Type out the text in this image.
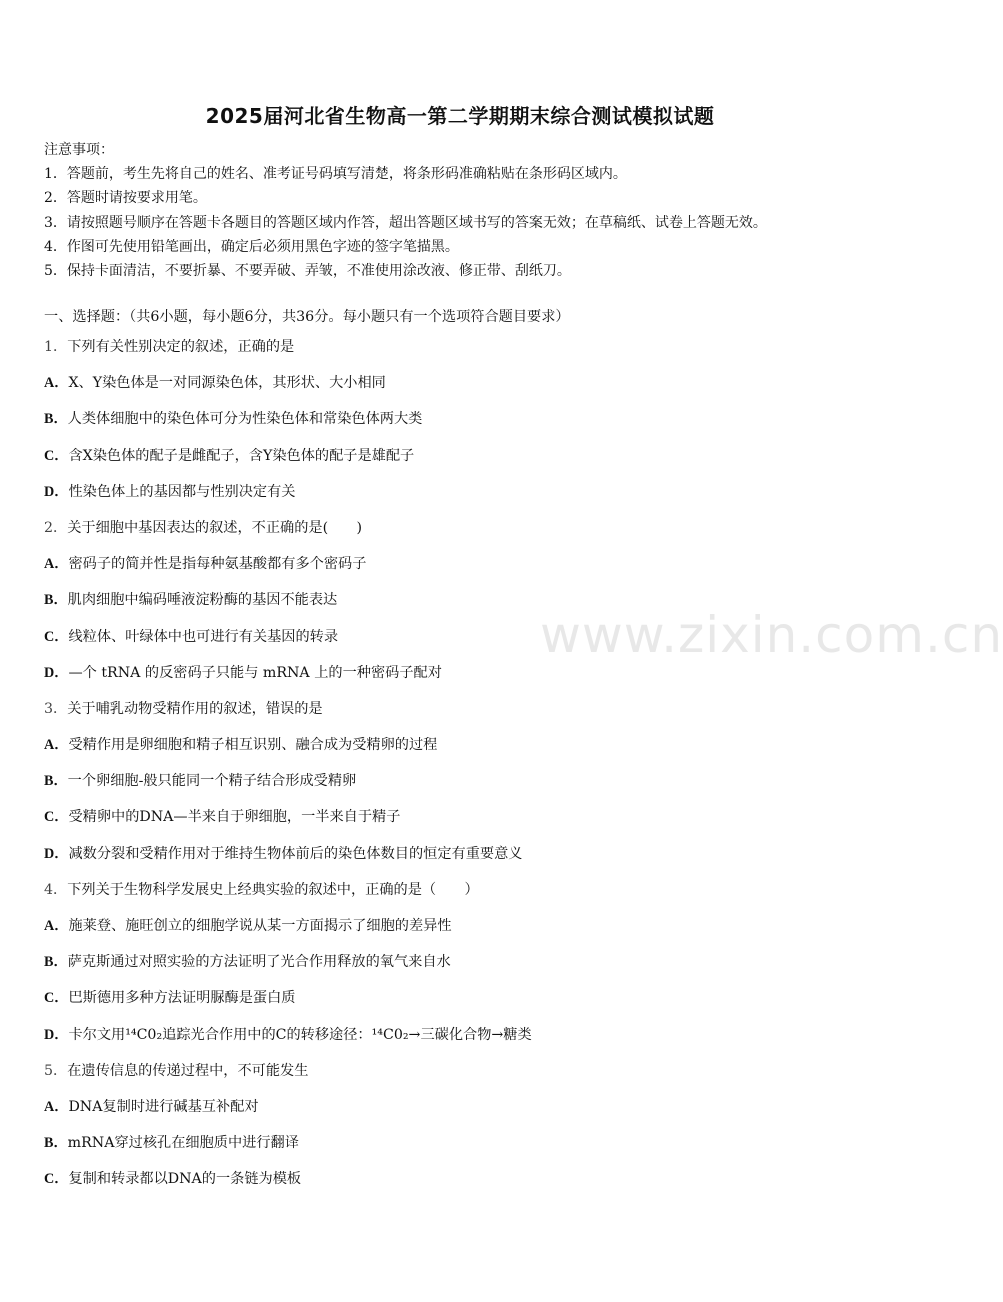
2025届河北省生物高一第二学期期末综合测试模拟试题
注意事项：
1．答题前，考生先将自己的姓名、准考证号码填写清楚，将条形码准确粘贴在条形码区域内。
2．答题时请按要求用笔。
3．请按照题号顺序在答题卡各题目的答题区域内作答，超出答题区域书写的答案无效；在草稿纸、试卷上答题无效。
4．作图可先使用铅笔画出，确定后必须用黑色字迹的签字笔描黑。
5．保持卡面清洁，不要折暴、不要弄破、弄皱，不准使用涂改液、修正带、刮纸刀。
一、选择题：（共6小题，每小题6分，共36分。每小题只有一个选项符合题目要求）
1．下列有关性别决定的叙述，正确的是
A．X、Y染色体是一对同源染色体，其形状、大小相同
B．人类体细胞中的染色体可分为性染色体和常染色体两大类
C．含X染色体的配子是雌配子，含Y染色体的配子是雄配子
D．性染色体上的基因都与性别决定有关
2．关于细胞中基因表达的叙述，不正确的是(　　)
A．密码子的简并性是指每种氨基酸都有多个密码子
B．肌肉细胞中编码唾液淀粉酶的基因不能表达
C．线粒体、叶绿体中也可进行有关基因的转录
D．—个 tRNA 的反密码子只能与 mRNA 上的一种密码子配对
3．关于哺乳动物受精作用的叙述，错误的是
A．受精作用是卵细胞和精子相互识别、融合成为受精卵的过程
B．一个卵细胞-般只能同一个精子结合形成受精卵
C．受精卵中的DNA—半来自于卵细胞，一半来自于精子
D．减数分裂和受精作用对于维持生物体前后的染色体数目的恒定有重要意义
4．下列关于生物科学发展史上经典实验的叙述中，正确的是（　　）
A．施莱登、施旺创立的细胞学说从某一方面揭示了细胞的差异性
B．萨克斯通过对照实验的方法证明了光合作用释放的氧气来自水
C．巴斯德用多种方法证明脲酶是蛋白质
D．卡尔文用¹⁴C0₂追踪光合作用中的C的转移途径：¹⁴C0₂→三碳化合物→糖类
5．在遗传信息的传递过程中，不可能发生
A．DNA复制时进行碱基互补配对
B．mRNA穿过核孔在细胞质中进行翻译
C．复制和转录都以DNA的一条链为模板
www.zixin.com.cn
